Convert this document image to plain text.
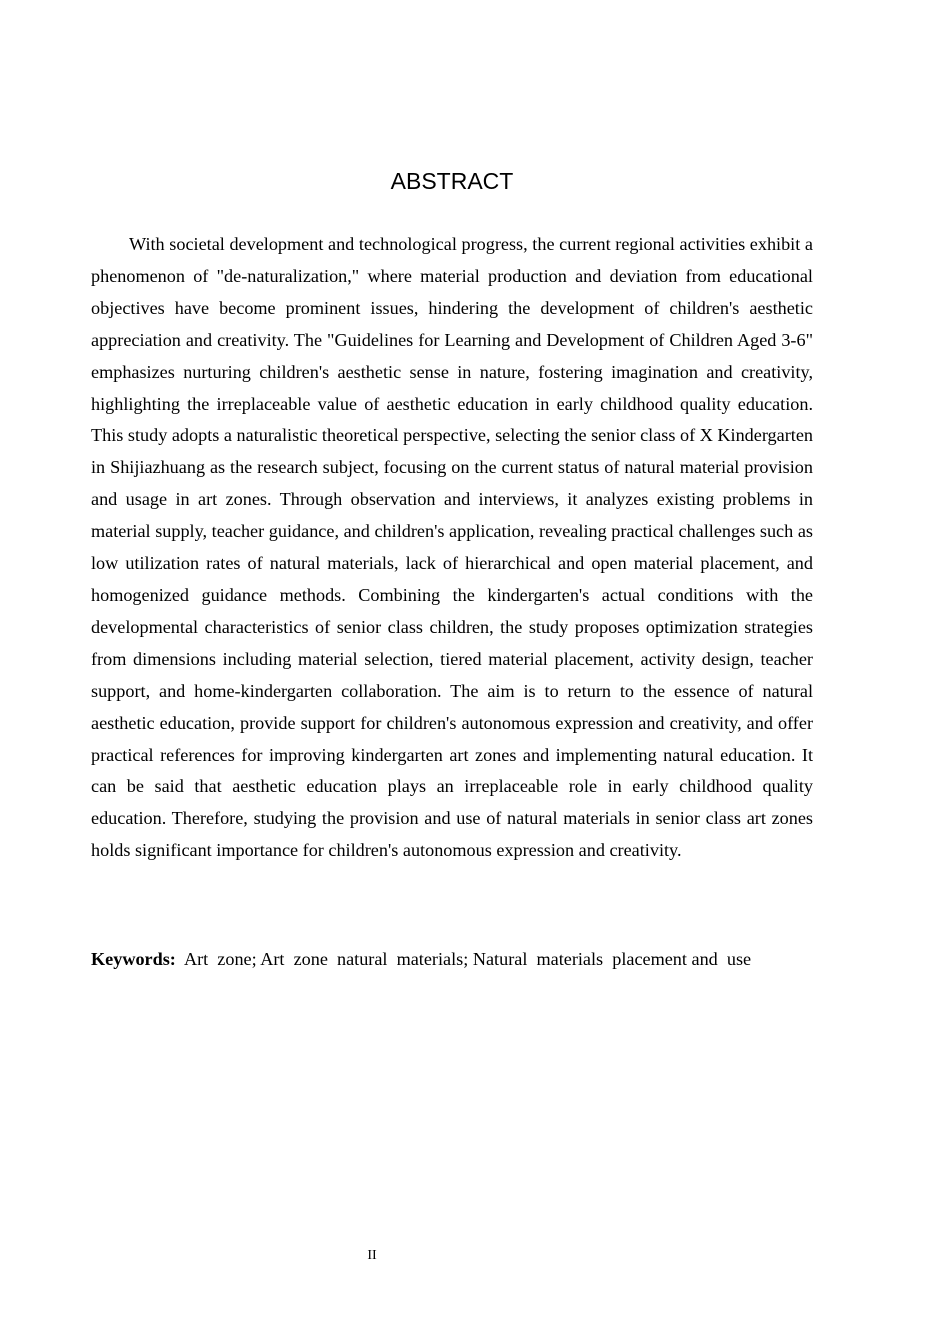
ABSTRACT

With societal development and technological progress, the current regional activities exhibit a phenomenon of "de-naturalization," where material production and deviation from educational objectives have become prominent issues, hindering the development of children's aesthetic appreciation and creativity. The "Guidelines for Learning and Development of Children Aged 3-6" emphasizes nurturing children's aesthetic sense in nature, fostering imagination and creativity, highlighting the irreplaceable value of aesthetic education in early childhood quality education. This study adopts a naturalistic theoretical perspective, selecting the senior class of X Kindergarten in Shijiazhuang as the research subject, focusing on the current status of natural material provision and usage in art zones. Through observation and interviews, it analyzes existing problems in material supply, teacher guidance, and children's application, revealing practical challenges such as low utilization rates of natural materials, lack of hierarchical and open material placement, and homogenized guidance methods. Combining the kindergarten's actual conditions with the developmental characteristics of senior class children, the study proposes optimization strategies from dimensions including material selection, tiered material placement, activity design, teacher support, and home-kindergarten collaboration. The aim is to return to the essence of natural aesthetic education, provide support for children's autonomous expression and creativity, and offer practical references for improving kindergarten art zones and implementing natural education. It can be said that aesthetic education plays an irreplaceable role in early childhood quality education. Therefore, studying the provision and use of natural materials in senior class art zones holds significant importance for children's autonomous expression and creativity.

Keywords:  Art  zone; Art  zone  natural  materials; Natural  materials  placement and  use

II
